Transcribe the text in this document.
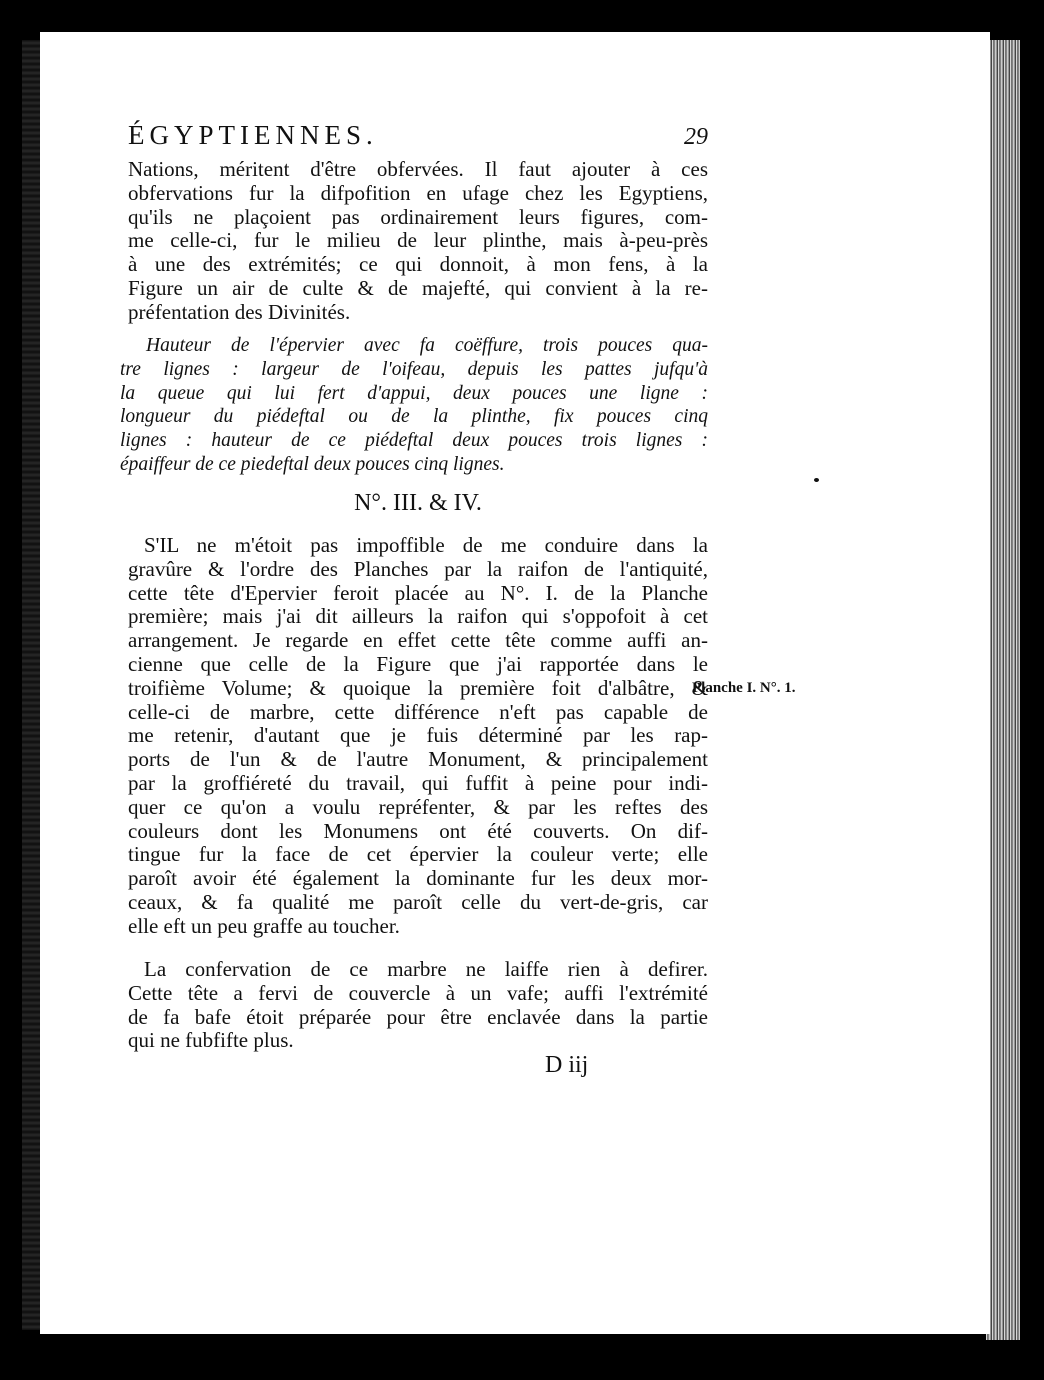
ÉGYPTIENNES.	29
Nations, méritent d'être obfervées. Il faut ajouter à ces
obfervations fur la difpofition en ufage chez les Egyptiens,
qu'ils ne plaçoient pas ordinairement leurs figures, com-
me celle-ci, fur le milieu de leur plinthe, mais à-peu-près
à une des extrémités; ce qui donnoit, à mon fens, à la
Figure un air de culte & de majefté, qui convient à la re-
préfentation des Divinités.
Hauteur de l'épervier avec fa coëffure, trois pouces qua-
tre lignes : largeur de l'oifeau, depuis les pattes jufqu'à
la queue qui lui fert d'appui, deux pouces une ligne :
longueur du piédeftal ou de la plinthe, fix pouces cinq
lignes : hauteur de ce piédeftal deux pouces trois lignes :
épaiffeur de ce piedeftal deux pouces cinq lignes.
N°. III. & IV.
S'IL ne m'étoit pas impoffible de me conduire dans la
gravûre & l'ordre des Planches par la raifon de l'antiquité,
cette tête d'Epervier feroit placée au N°. I. de la Planche
première; mais j'ai dit ailleurs la raifon qui s'oppofoit à cet
arrangement. Je regarde en effet cette tête comme auffi an-
cienne que celle de la Figure que j'ai rapportée dans le
troifième Volume; & quoique la première foit d'albâtre, &
celle-ci de marbre, cette différence n'eft pas capable de
me retenir, d'autant que je fuis déterminé par les rap-
ports de l'un & de l'autre Monument, & principalement
par la groffiéreté du travail, qui fuffit à peine pour indi-
quer ce qu'on a voulu repréfenter, & par les reftes des
couleurs dont les Monumens ont été couverts. On dif-
tingue fur la face de cet épervier la couleur verte; elle
paroît avoir été également la dominante fur les deux mor-
ceaux, & fa qualité me paroît celle du vert-de-gris, car
elle eft un peu graffe au toucher.
Planche I. N°. 1.
La confervation de ce marbre ne laiffe rien à defirer.
Cette tête a fervi de couvercle à un vafe; auffi l'extrémité
de fa bafe étoit préparée pour être enclavée dans la partie
qui ne fubfifte plus.
D iij
